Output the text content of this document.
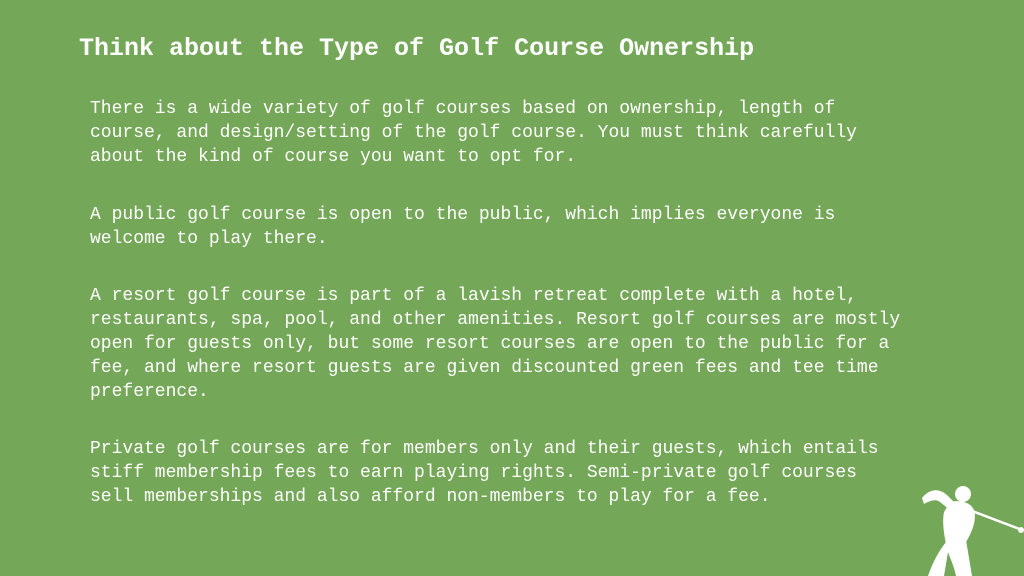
Think about the Type of Golf Course Ownership

There is a wide variety of golf courses based on ownership, length of
course, and design/setting of the golf course. You must think carefully
about the kind of course you want to opt for.

A public golf course is open to the public, which implies everyone is
welcome to play there.

A resort golf course is part of a lavish retreat complete with a hotel,
restaurants, spa, pool, and other amenities. Resort golf courses are mostly
open for guests only, but some resort courses are open to the public for a
fee, and where resort guests are given discounted green fees and tee time
preference.

Private golf courses are for members only and their guests, which entails
stiff membership fees to earn playing rights. Semi-private golf courses
sell memberships and also afford non-members to play for a fee.
